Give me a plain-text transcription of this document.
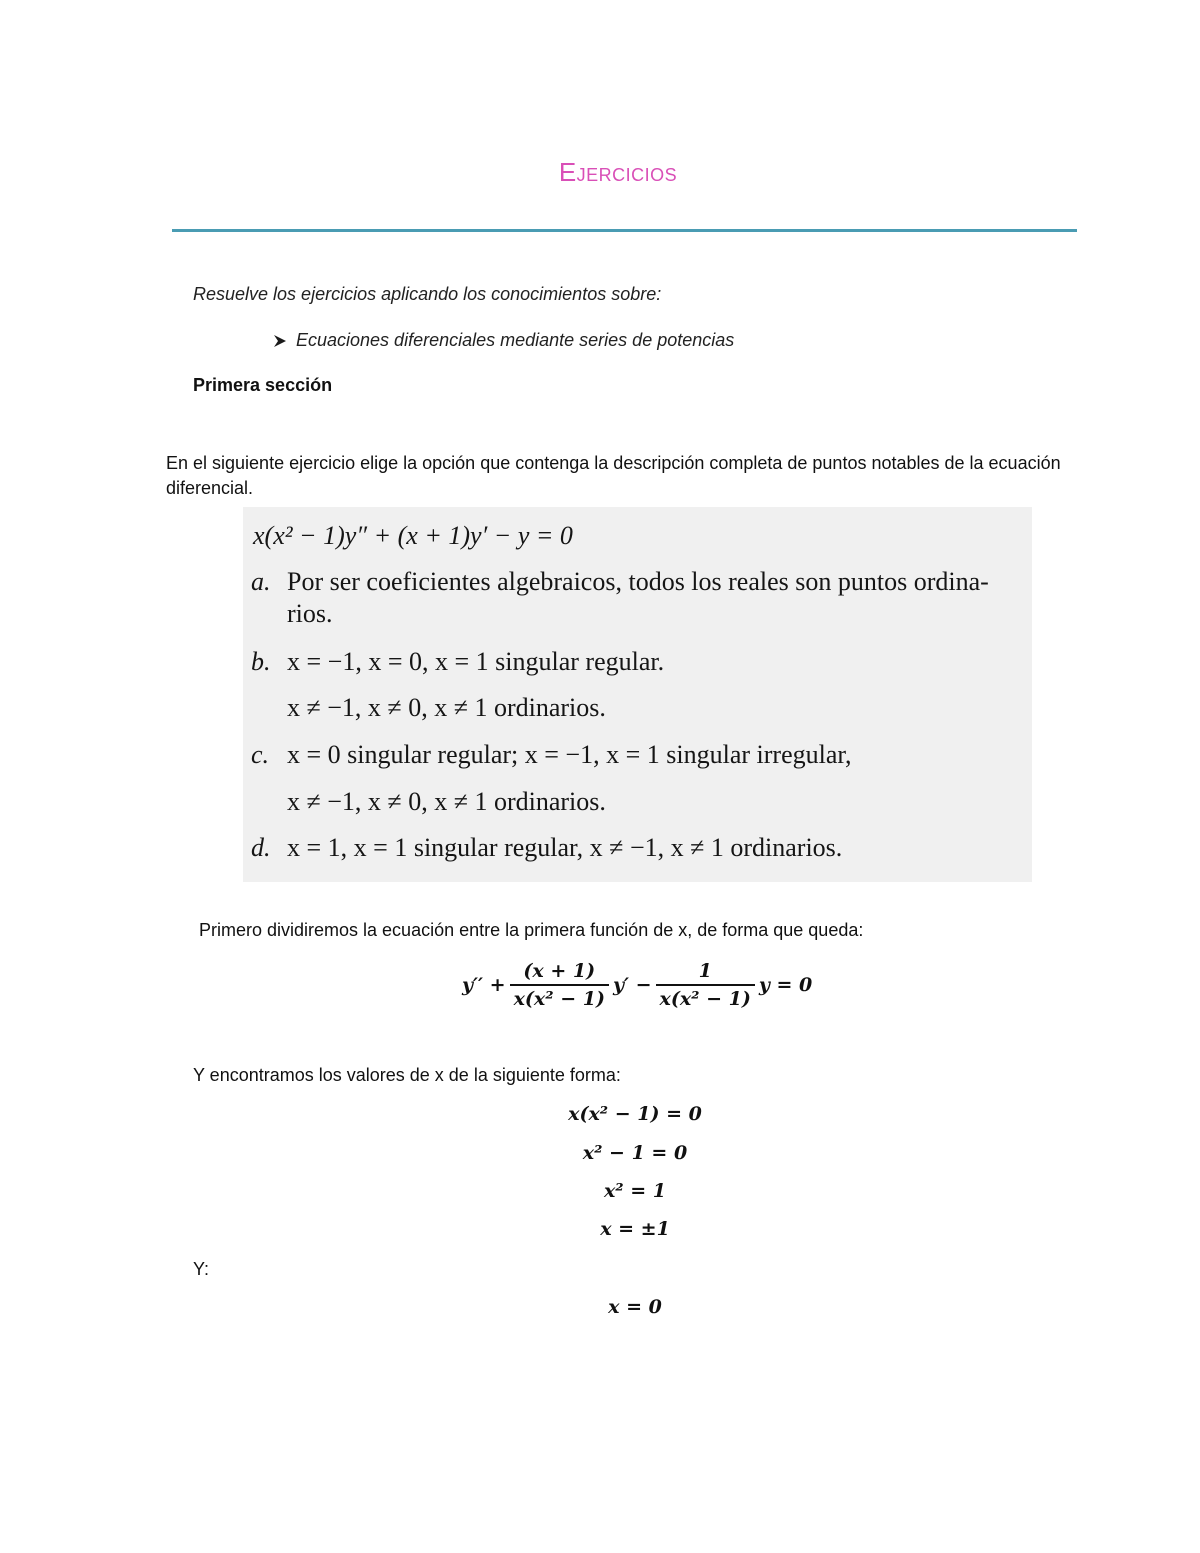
Ejercicios
Resuelve los ejercicios aplicando los conocimientos sobre:
Ecuaciones diferenciales mediante series de potencias
Primera sección
En el siguiente ejercicio elige la opción que contenga la descripción completa de puntos notables de la ecuación diferencial.
x(x² − 1)y″ + (x + 1)y′ − y = 0
a. Por ser coeficientes algebraicos, todos los reales son puntos ordina-
rios.
b. x = −1, x = 0, x = 1 singular regular.
x ≠ −1, x ≠ 0, x ≠ 1 ordinarios.
c. x = 0 singular regular; x = −1, x = 1 singular irregular,
x ≠ −1, x ≠ 0, x ≠ 1 ordinarios.
d. x = 1, x = 1 singular regular, x ≠ −1, x ≠ 1 ordinarios.
Primero dividiremos la ecuación entre la primera función de x, de forma que queda:
$y'' + \frac{(x + 1)}{\text{x(x² − 1)}} y' - \frac{1}{\text{x(x² − 1)}}$ y = 0
Y encontramos los valores de x de la siguiente forma:
x(x² − 1) = 0
x² − 1 = 0
x² = 1
x = ±1
Y:
x = 0
